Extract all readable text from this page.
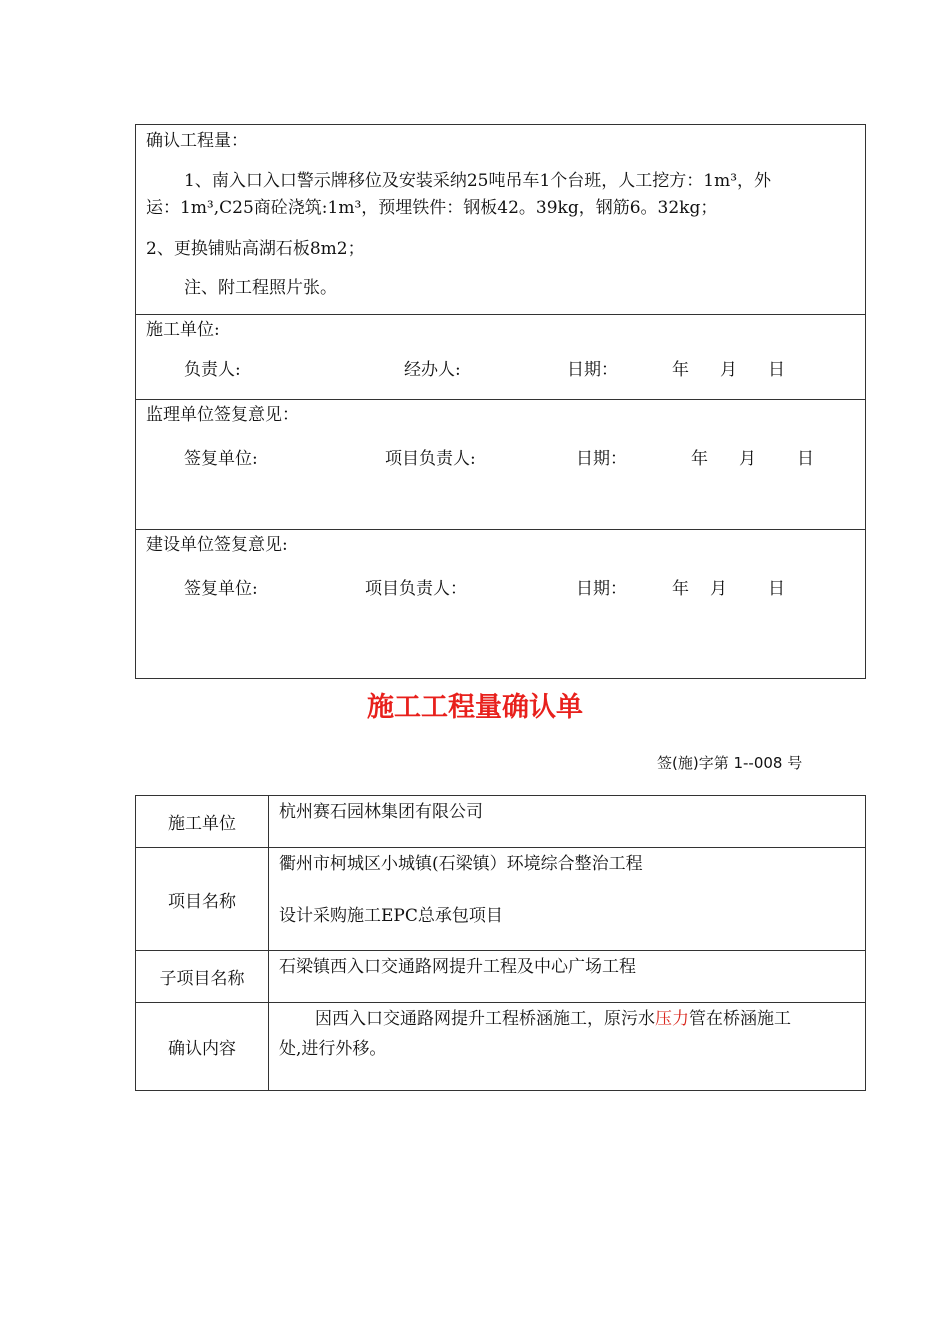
确认工程量：
1、南入口入口警示牌移位及安装采纳25吨吊车1个台班，人工挖方：1m³，外
运：1m³,C25商砼浇筑:1m³，预埋铁件：钢板42。39kg，钢筋6。32kg；
2、更换铺贴高湖石板8m2；
注、附工程照片张。
施工单位:
负责人:	经办人:	日期：	年 月 日
监理单位签复意见：
签复单位:	项目负责人:	日期：	年 月 日
建设单位签复意见:
签复单位:	项目负责人：	日期：	年 月 日
施工工程量确认单
签(施)字第 1--008 号
施工单位	杭州赛石园林集团有限公司

项目名称	衢州市柯城区小城镇(石梁镇）环境综合整治工程
设计采购施工EPC总承包项目

子项目名称	石梁镇西入口交通路网提升工程及中心广场工程

确认内容	因西入口交通路网提升工程桥涵施工，原污水压力管在桥涵施工
处,进行外移。
